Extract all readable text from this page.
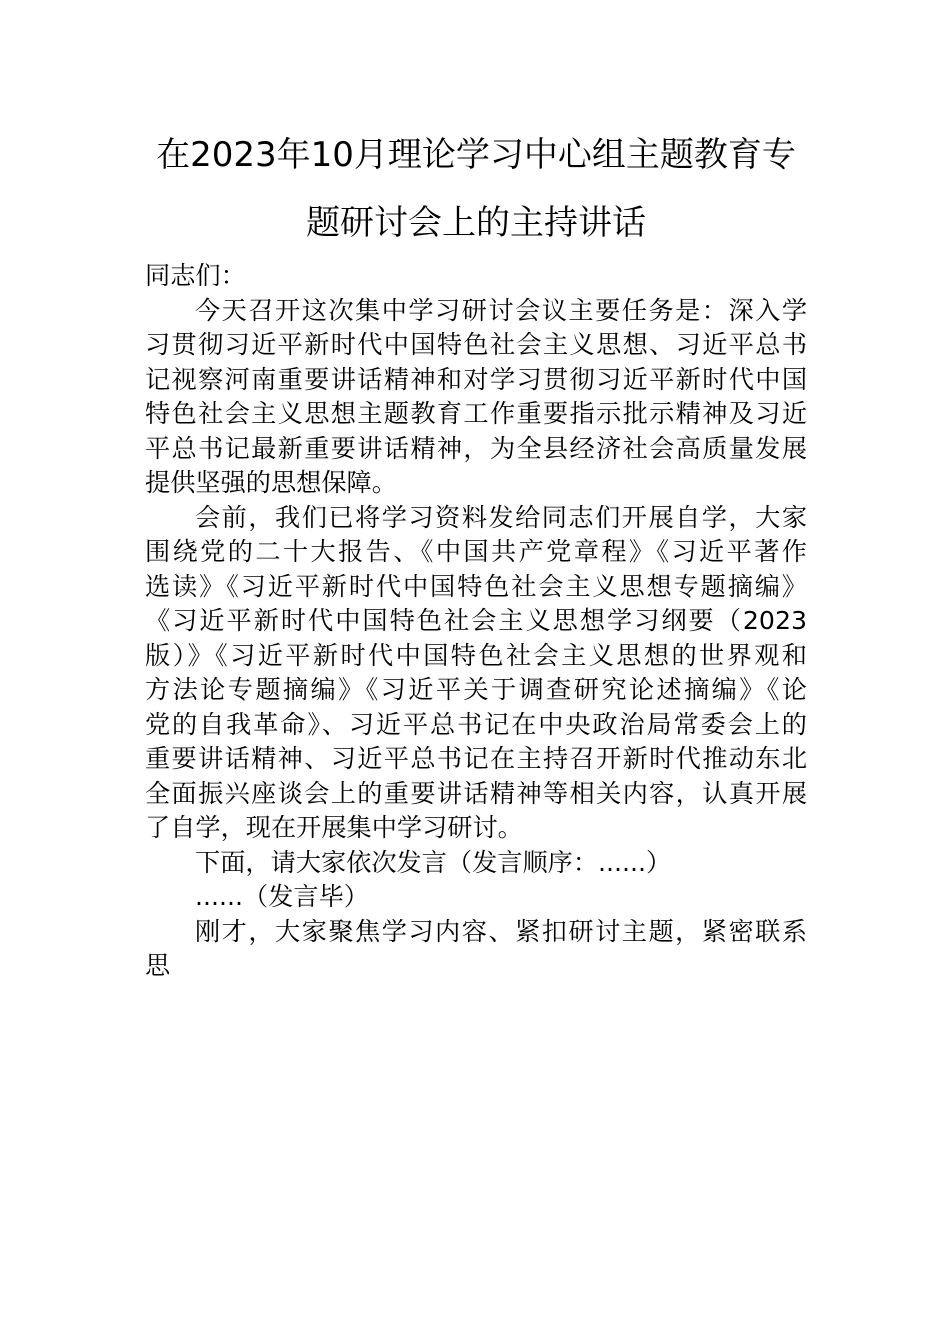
在2023年10月理论学习中心组主题教育专
题研讨会上的主持讲话
同志们：
今天召开这次集中学习研讨会议主要任务是：深入学
习贯彻习近平新时代中国特色社会主义思想、习近平总书
记视察河南重要讲话精神和对学习贯彻习近平新时代中国
特色社会主义思想主题教育工作重要指示批示精神及习近
平总书记最新重要讲话精神，为全县经济社会高质量发展
提供坚强的思想保障。
会前，我们已将学习资料发给同志们开展自学，大家
围绕党的二十大报告、《中国共产党章程》《习近平著作
选读》《习近平新时代中国特色社会主义思想专题摘编》
《习近平新时代中国特色社会主义思想学习纲要（2023
版）》《习近平新时代中国特色社会主义思想的世界观和
方法论专题摘编》《习近平关于调查研究论述摘编》《论
党的自我革命》、习近平总书记在中央政治局常委会上的
重要讲话精神、习近平总书记在主持召开新时代推动东北
全面振兴座谈会上的重要讲话精神等相关内容，认真开展
了自学，现在开展集中学习研讨。
下面，请大家依次发言（发言顺序：......）
......（发言毕）
刚才，大家聚焦学习内容、紧扣研讨主题，紧密联系
思
